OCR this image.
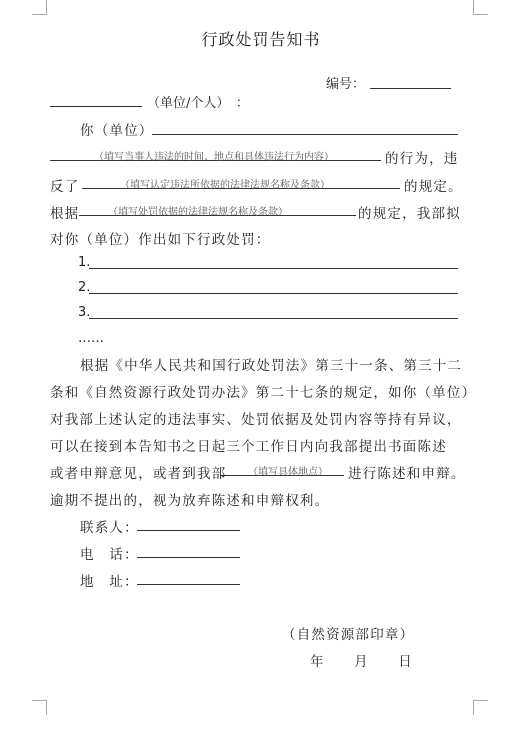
行政处罚告知书
编号：
（单位/个人）　：
你（单位）
（填写当事人违法的时间、地点和具体违法行为内容）	的行为，违
反了	（填写认定违法所依据的法律法规名称及条款）	的规定。
根据	（填写处罚依据的法律法规名称及条款）	的规定，我部拟
对你（单位）作出如下行政处罚：
1.
2.
3.
……
根据《中华人民共和国行政处罚法》第三十一条、第三十二
条和《自然资源行政处罚办法》第二十七条的规定，如你（单位）
对我部上述认定的违法事实、处罚依据及处罚内容等持有异议，
可以在接到本告知书之日起三个工作日内向我部提出书面陈述
或者申辩意见，或者到我部 （填写具体地点） 进行陈述和申辩。
逾期不提出的，视为放弃陈述和申辩权利。
联系人：
电　话：
地　址：
（自然资源部印章）
年　　月　　日
